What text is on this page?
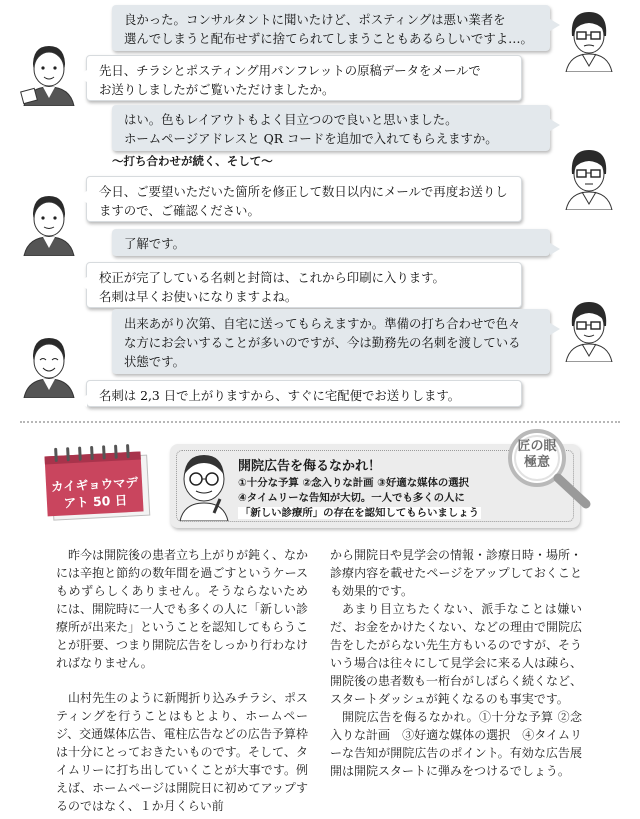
良かった。コンサルタントに聞いたけど、ポスティングは悪い業者を
選んでしまうと配布せずに捨てられてしまうこともあるらしいですよ…。
先日、チラシとポスティング用パンフレットの原稿データをメールで
お送りしましたがご覧いただけましたか。
はい。色もレイアウトもよく目立つので良いと思いました。
ホームページアドレスと QR コードを追加で入れてもらえますか。
～打ち合わせが続く、そして～
今日、ご要望いただいた箇所を修正して数日以内にメールで再度お送りし
ますので、ご確認ください。
了解です。
校正が完了している名刺と封筒は、これから印刷に入ります。
名刺は早くお使いになりますよね。
出来あがり次第、自宅に送ってもらえますか。準備の打ち合わせで色々
な方にお会いすることが多いのですが、今は勤務先の名刺を渡している
状態です。
名刺は 2,3 日で上がりますから、すぐに宅配便でお送りします。
カイギョウマデ
アト 50 日
開院広告を侮るなかれ！
①十分な予算 ②念入りな計画 ③好適な媒体の選択
④タイムリーな告知が大切。一人でも多くの人に
「新しい診療所」の存在を認知してもらいましょう
匠の眼
極意

昨今は開院後の患者立ち上がりが鈍く、なかには辛抱と節約の数年間を過ごすというケースもめずらしくありません。そうならないためには、開院時に一人でも多くの人に「新しい診療所が出来た」ということを認知してもらうことが肝要、つまり開院広告をしっかり行わなければなりません。

山村先生のように新聞折り込みチラシ、ポスティングを行うことはもとより、ホームページ、交通媒体広告、電柱広告などの広告予算枠は十分にとっておきたいものです。そして、タイムリーに打ち出していくことが大事です。例えば、ホームページは開院日に初めてアップするのではなく、１か月くらい前

から開院日や見学会の情報・診療日時・場所・診療内容を載せたページをアップしておくことも効果的です。

あまり目立ちたくない、派手なことは嫌いだ、お金をかけたくない、などの理由で開院広告をしたがらない先生方もいるのですが、そういう場合は往々にして見学会に来る人は疎ら、開院後の患者数も一桁台がしばらく続くなど、スタートダッシュが鈍くなるのも事実です。

開院広告を侮るなかれ。①十分な予算 ②念入りな計画　③好適な媒体の選択　④タイムリーな告知が開院広告のポイント。有効な広告展開は開院スタートに弾みをつけるでしょう。
